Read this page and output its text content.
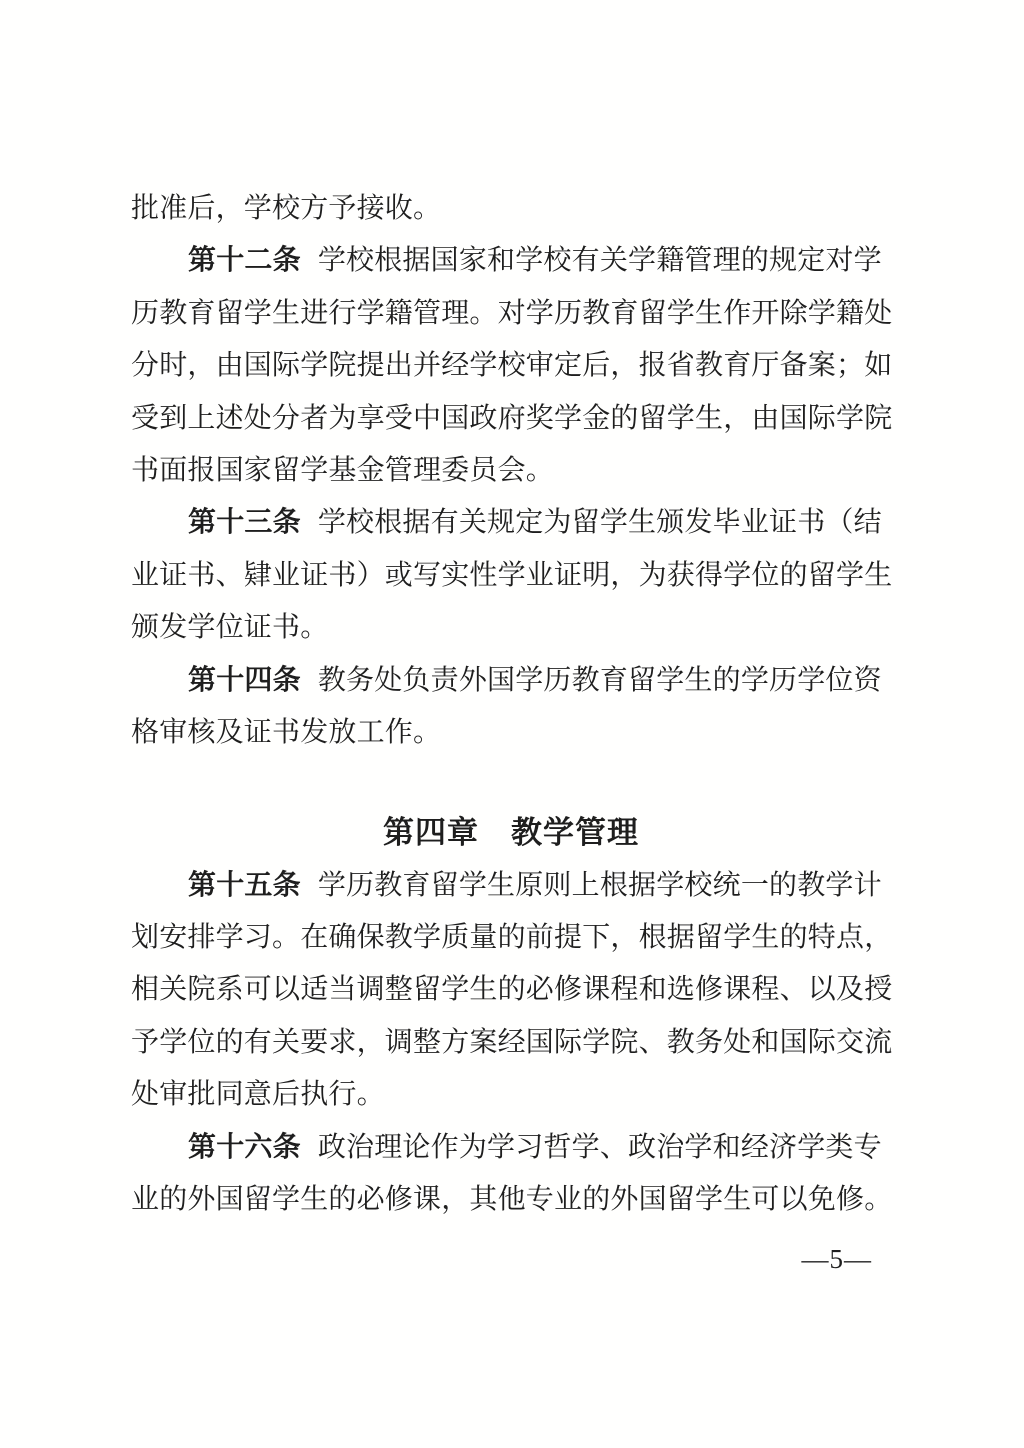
批准后，学校方予接收。

第十二条 学校根据国家和学校有关学籍管理的规定对学

历教育留学生进行学籍管理。对学历教育留学生作开除学籍处

分时，由国际学院提出并经学校审定后，报省教育厅备案；如

受到上述处分者为享受中国政府奖学金的留学生，由国际学院

书面报国家留学基金管理委员会。

第十三条 学校根据有关规定为留学生颁发毕业证书（结

业证书、肄业证书）或写实性学业证明，为获得学位的留学生

颁发学位证书。

第十四条 教务处负责外国学历教育留学生的学历学位资

格审核及证书发放工作。

第四章　教学管理

第十五条 学历教育留学生原则上根据学校统一的教学计

划安排学习。在确保教学质量的前提下，根据留学生的特点，

相关院系可以适当调整留学生的必修课程和选修课程、以及授

予学位的有关要求，调整方案经国际学院、教务处和国际交流

处审批同意后执行。

第十六条 政治理论作为学习哲学、政治学和经济学类专

业的外国留学生的必修课，其他专业的外国留学生可以免修。

—5—
